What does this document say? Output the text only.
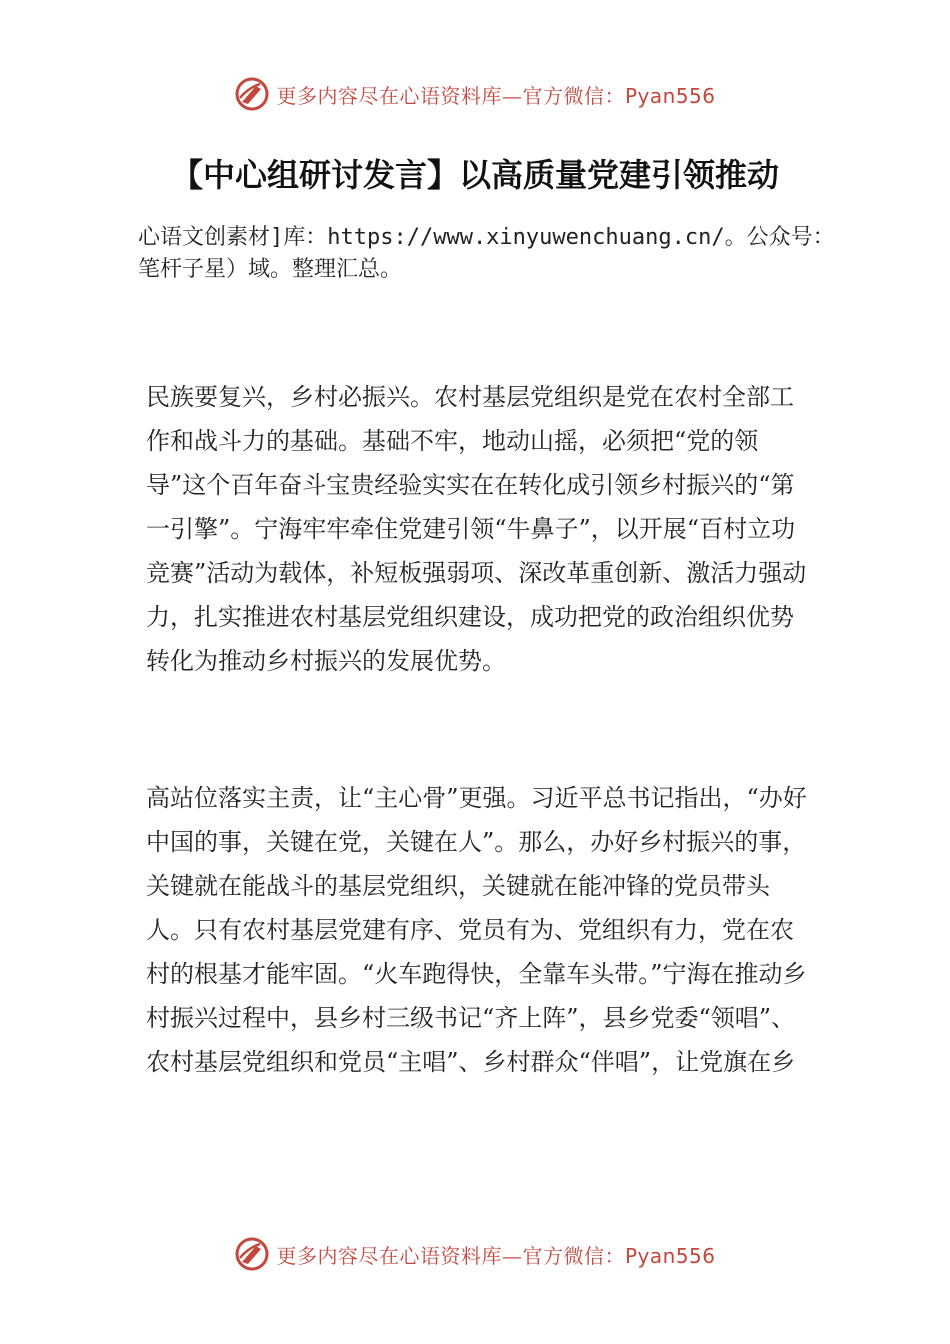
更多内容尽在心语资料库—官方微信：Pyan556
【中心组研讨发言】以高质量党建引领推动
心语文创素材]库：https://www.xinyuwenchuang.cn/。公众号：笔杆子星）域。整理汇总。
民族要复兴，乡村必振兴。农村基层党组织是党在农村全部工作和战斗力的基础。基础不牢，地动山摇，必须把“党的领导”这个百年奋斗宝贵经验实实在在转化成引领乡村振兴的“第一引擎”。宁海牢牢牵住党建引领“牛鼻子”，以开展“百村立功竞赛”活动为载体，补短板强弱项、深改革重创新、激活力强动力，扎实推进农村基层党组织建设，成功把党的政治组织优势转化为推动乡村振兴的发展优势。
高站位落实主责，让“主心骨”更强。习近平总书记指出，“办好中国的事，关键在党，关键在人”。那么，办好乡村振兴的事，关键就在能战斗的基层党组织，关键就在能冲锋的党员带头人。只有农村基层党建有序、党员有为、党组织有力，党在农村的根基才能牢固。“火车跑得快，全靠车头带。”宁海在推动乡村振兴过程中，县乡村三级书记“齐上阵”，县乡党委“领唱”、农村基层党组织和党员“主唱”、乡村群众“伴唱”，让党旗在乡
更多内容尽在心语资料库—官方微信：Pyan556
